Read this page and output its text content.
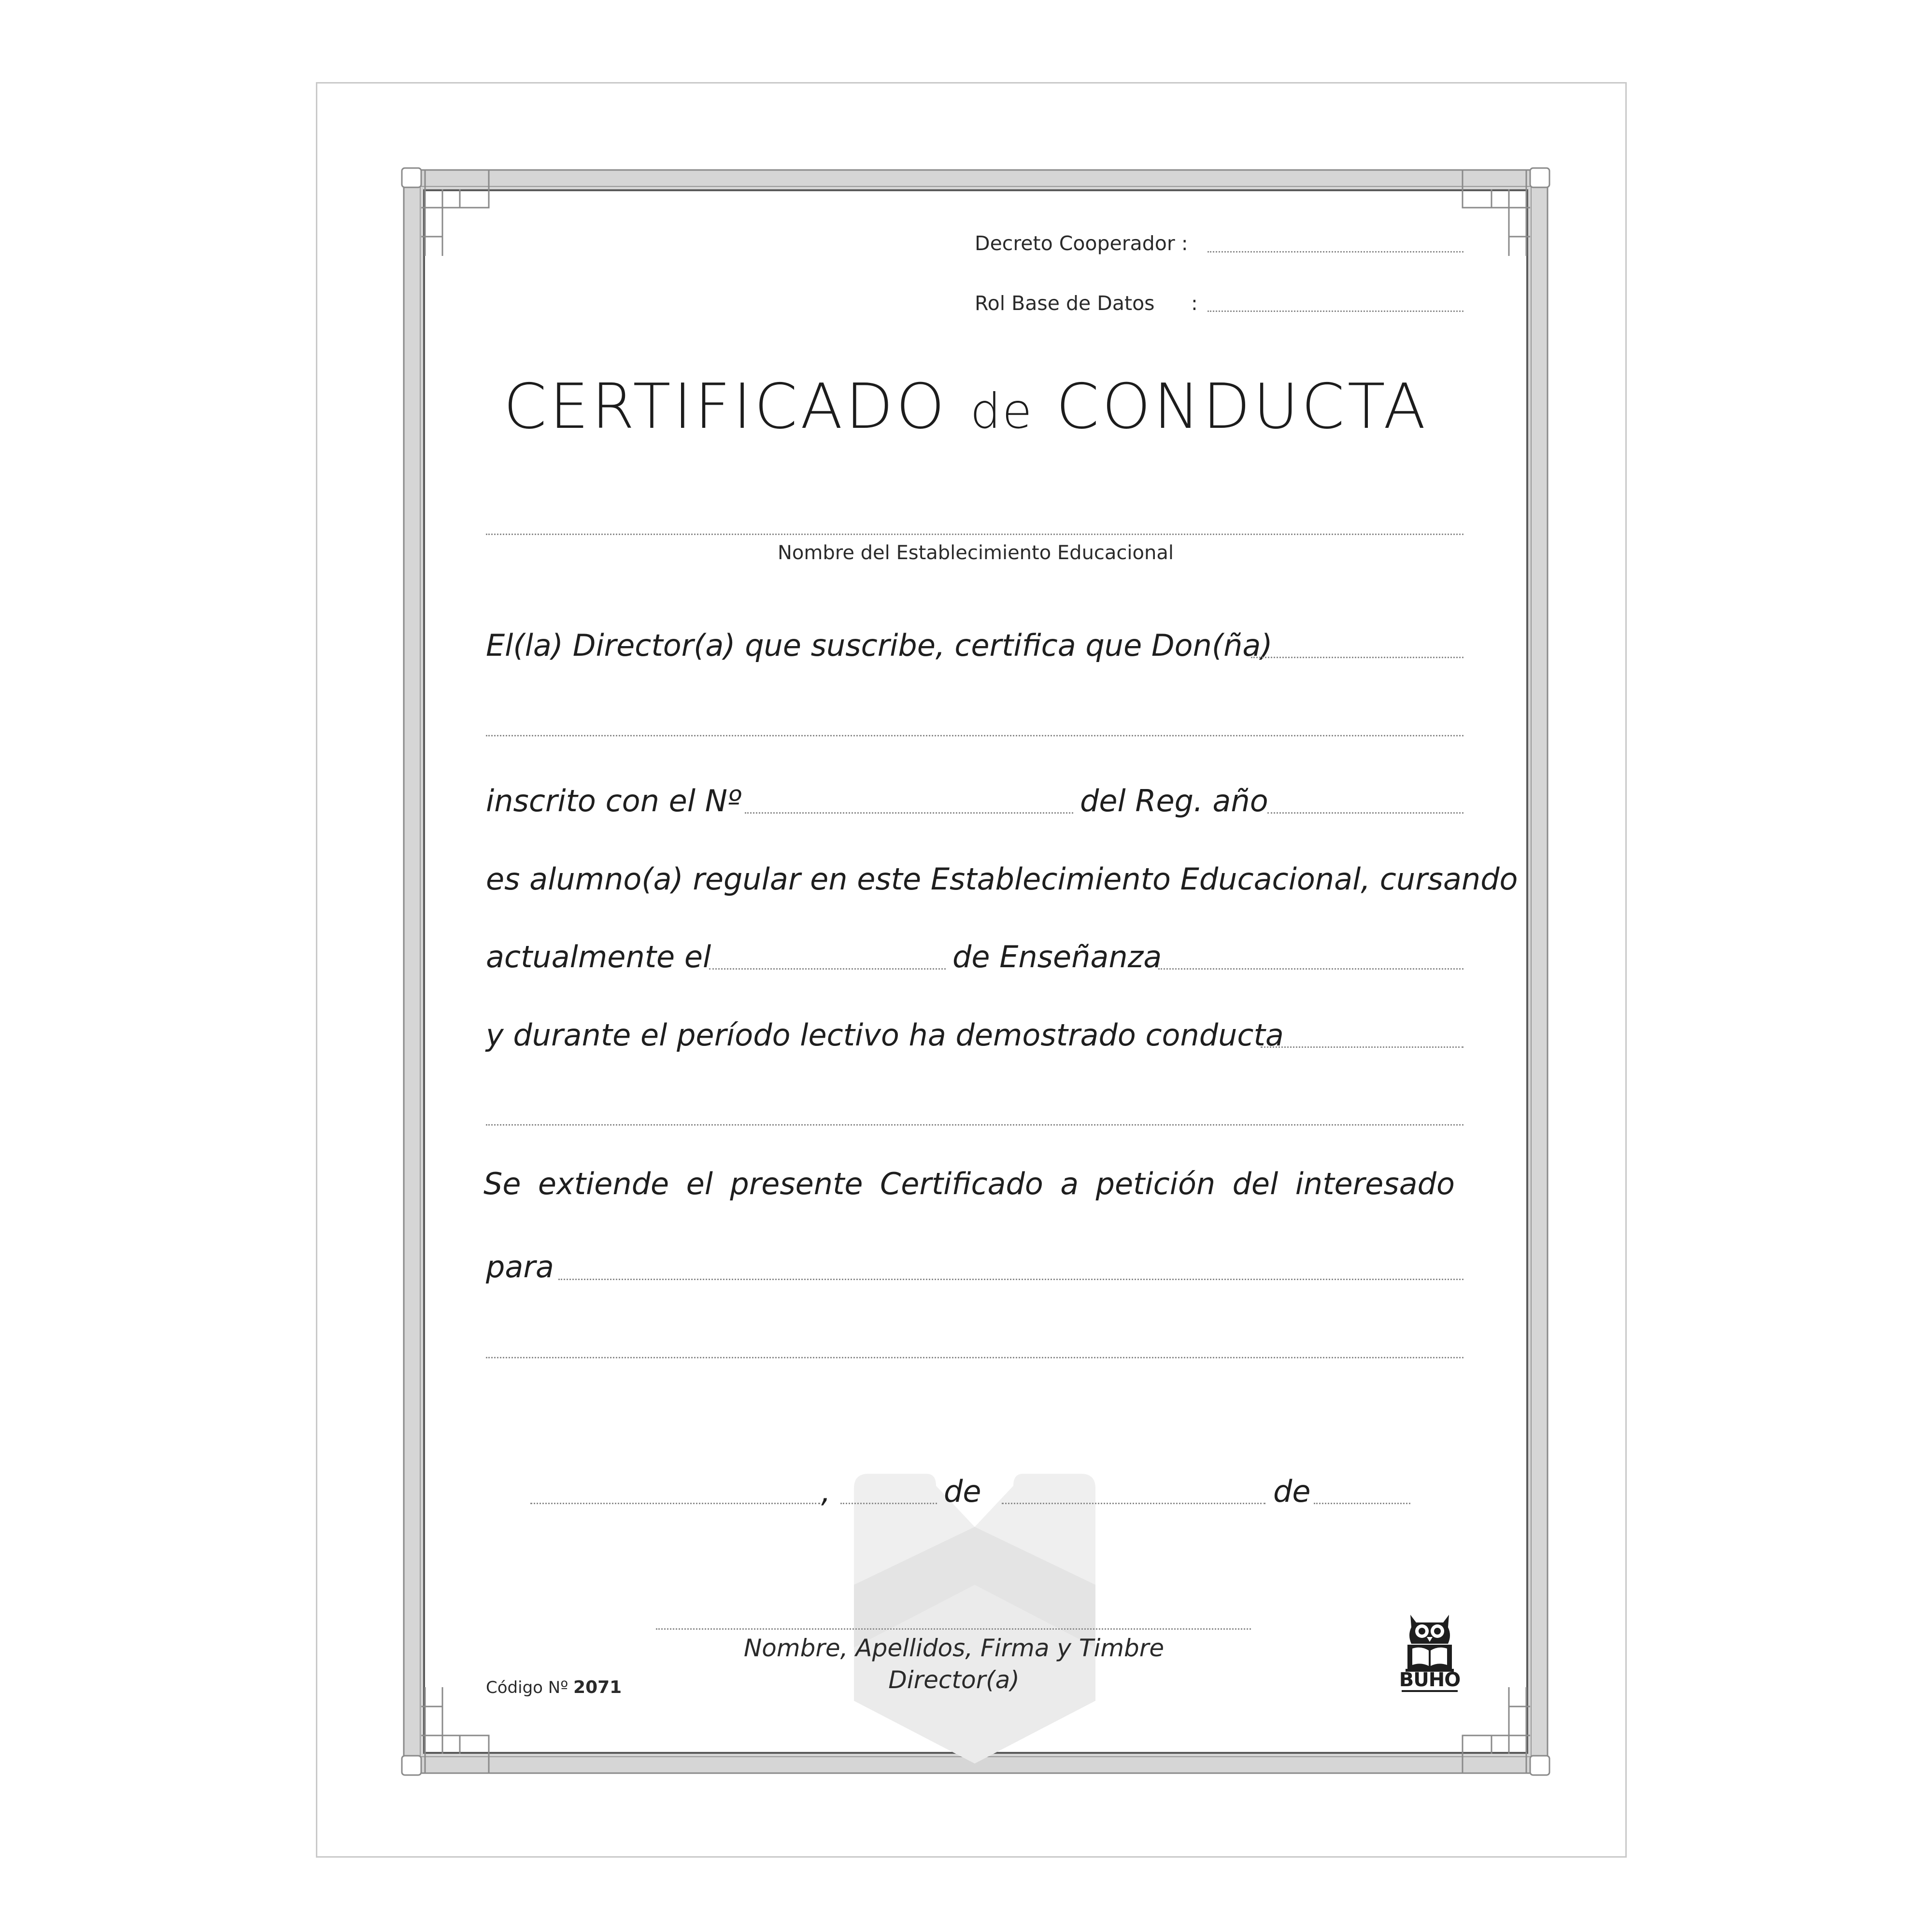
Decreto Cooperador :
Rol Base de Datos :
CERTIFICADO de CONDUCTA
Nombre del Establecimiento Educacional
El(la) Director(a) que suscribe, certifica que Don(ña)
inscrito con el Nº	del Reg. año
es alumno(a) regular en este Establecimiento Educacional, cursando
actualmente el	de Enseñanza
y durante el período lectivo ha demostrado conducta
Se extiende el presente Certificado a petición del interesado
para
,	de	de
Nombre, Apellidos, Firma y Timbre
Director(a)
Código Nº 2071	BUHO
